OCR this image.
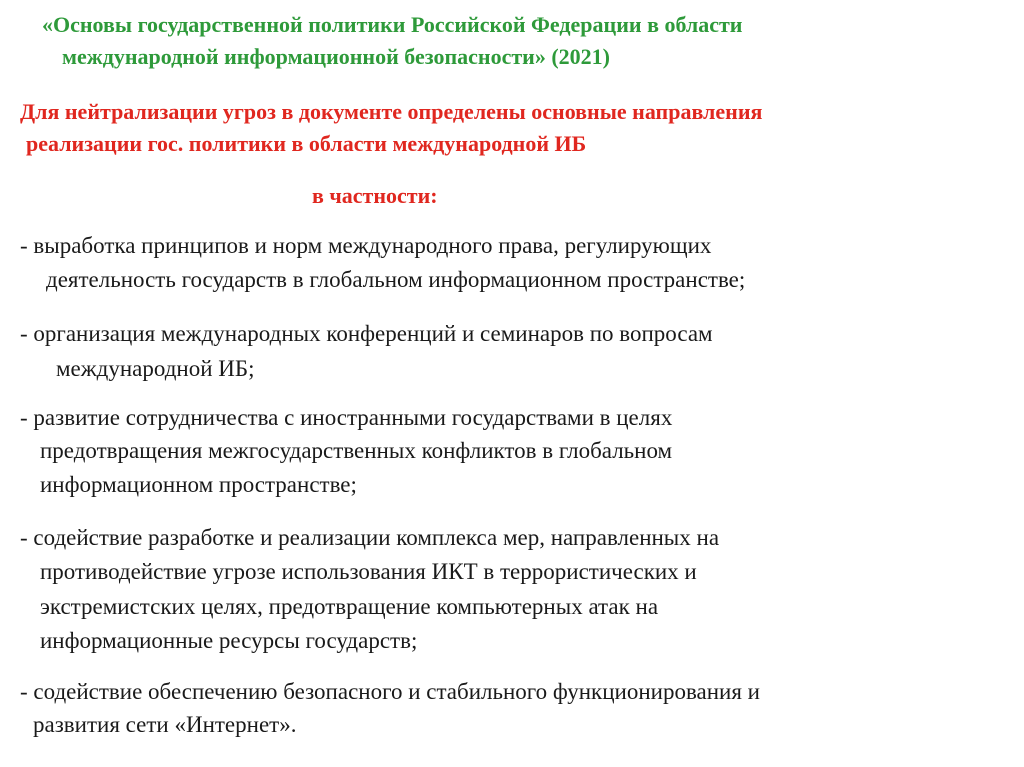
«Основы государственной политики Российской Федерации в области
международной информационной безопасности» (2021)
Для нейтрализации угроз в документе определены основные направления
реализации гос. политики в области международной ИБ
в частности:
- выработка принципов и норм международного права, регулирующих
деятельность государств в глобальном информационном пространстве;
- организация международных конференций и семинаров по вопросам
международной ИБ;
- развитие сотрудничества с иностранными государствами в целях
предотвращения межгосударственных конфликтов в глобальном
информационном пространстве;
- содействие разработке и реализации комплекса мер, направленных на
противодействие угрозе использования ИКТ в террористических и
экстремистских целях, предотвращение компьютерных атак на
информационные ресурсы государств;
- содействие обеспечению безопасного и стабильного функционирования и
развития сети «Интернет».
